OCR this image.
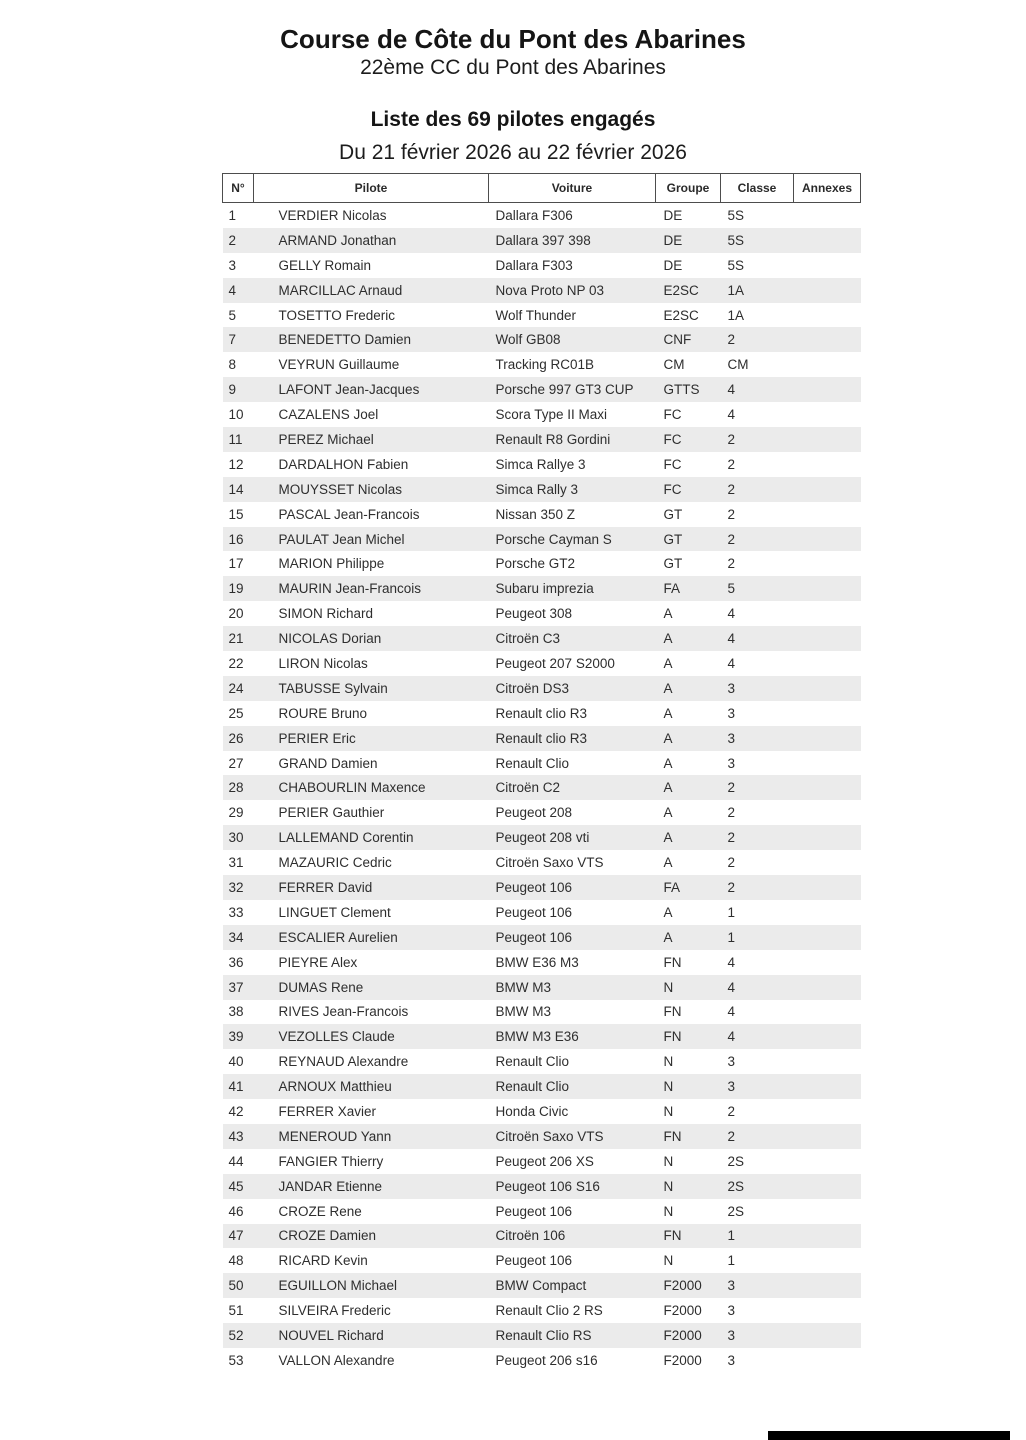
Course de Côte du Pont des Abarines
22ème CC du Pont des Abarines
Liste des 69 pilotes engagés
Du 21 février 2026 au 22 février 2026
N°	Pilote	Voiture	Groupe	Classe	Annexes
1	VERDIER Nicolas	Dallara F306	DE	5S	
2	ARMAND Jonathan	Dallara 397 398	DE	5S	
3	GELLY Romain	Dallara F303	DE	5S	
4	MARCILLAC Arnaud	Nova Proto NP 03	E2SC	1A	
5	TOSETTO Frederic	Wolf Thunder	E2SC	1A	
7	BENEDETTO Damien	Wolf GB08	CNF	2	
8	VEYRUN Guillaume	Tracking RC01B	CM	CM	
9	LAFONT Jean-Jacques	Porsche 997 GT3 CUP	GTTS	4	
10	CAZALENS Joel	Scora Type II Maxi	FC	4	
11	PEREZ Michael	Renault R8 Gordini	FC	2	
12	DARDALHON Fabien	Simca Rallye 3	FC	2	
14	MOUYSSET Nicolas	Simca Rally 3	FC	2	
15	PASCAL Jean-Francois	Nissan 350 Z	GT	2	
16	PAULAT Jean Michel	Porsche Cayman S	GT	2	
17	MARION Philippe	Porsche GT2	GT	2	
19	MAURIN Jean-Francois	Subaru imprezia	FA	5	
20	SIMON Richard	Peugeot 308	A	4	
21	NICOLAS Dorian	Citroën C3	A	4	
22	LIRON Nicolas	Peugeot 207 S2000	A	4	
24	TABUSSE Sylvain	Citroën DS3	A	3	
25	ROURE Bruno	Renault clio R3	A	3	
26	PERIER Eric	Renault clio R3	A	3	
27	GRAND Damien	Renault Clio	A	3	
28	CHABOURLIN Maxence	Citroën C2	A	2	
29	PERIER Gauthier	Peugeot 208	A	2	
30	LALLEMAND Corentin	Peugeot 208 vti	A	2	
31	MAZAURIC Cedric	Citroën Saxo VTS	A	2	
32	FERRER David	Peugeot 106	FA	2	
33	LINGUET Clement	Peugeot 106	A	1	
34	ESCALIER Aurelien	Peugeot 106	A	1	
36	PIEYRE Alex	BMW E36 M3	FN	4	
37	DUMAS Rene	BMW M3	N	4	
38	RIVES Jean-Francois	BMW M3	FN	4	
39	VEZOLLES Claude	BMW M3 E36	FN	4	
40	REYNAUD Alexandre	Renault Clio	N	3	
41	ARNOUX Matthieu	Renault Clio	N	3	
42	FERRER Xavier	Honda Civic	N	2	
43	MENEROUD Yann	Citroën Saxo VTS	FN	2	
44	FANGIER Thierry	Peugeot 206 XS	N	2S	
45	JANDAR Etienne	Peugeot 106 S16	N	2S	
46	CROZE Rene	Peugeot 106	N	2S	
47	CROZE Damien	Citroën 106	FN	1	
48	RICARD Kevin	Peugeot 106	N	1	
50	EGUILLON Michael	BMW Compact	F2000	3	
51	SILVEIRA Frederic	Renault Clio 2 RS	F2000	3	
52	NOUVEL Richard	Renault Clio RS	F2000	3	
53	VALLON Alexandre	Peugeot 206 s16	F2000	3	
